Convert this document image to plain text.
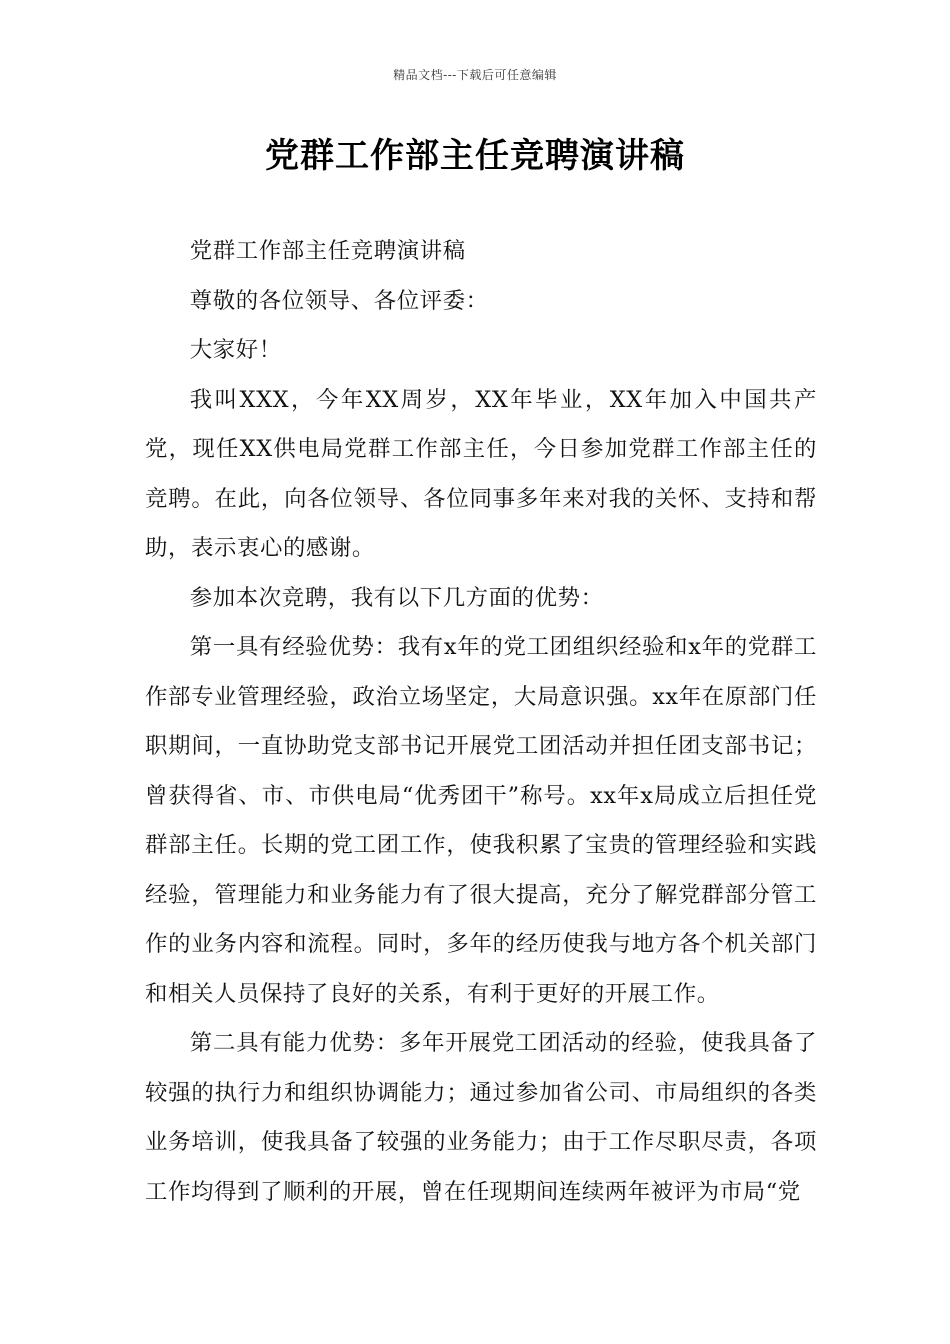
精品文档---下载后可任意编辑
党群工作部主任竞聘演讲稿

党群工作部主任竞聘演讲稿

尊敬的各位领导、各位评委：

大家好！

我叫XXX，今年XX周岁，XX年毕业，XX年加入中国共产党，现任XX供电局党群工作部主任，今日参加党群工作部主任的竞聘。在此，向各位领导、各位同事多年来对我的关怀、支持和帮助，表示衷心的感谢。

参加本次竞聘，我有以下几方面的优势：

第一具有经验优势：我有x年的党工团组织经验和x年的党群工作部专业管理经验，政治立场坚定，大局意识强。xx年在原部门任职期间，一直协助党支部书记开展党工团活动并担任团支部书记；曾获得省、市、市供电局“优秀团干”称号。xx年x局成立后担任党群部主任。长期的党工团工作，使我积累了宝贵的管理经验和实践经验，管理能力和业务能力有了很大提高，充分了解党群部分管工作的业务内容和流程。同时，多年的经历使我与地方各个机关部门和相关人员保持了良好的关系，有利于更好的开展工作。

第二具有能力优势：多年开展党工团活动的经验，使我具备了较强的执行力和组织协调能力；通过参加省公司、市局组织的各类业务培训，使我具备了较强的业务能力；由于工作尽职尽责，各项工作均得到了顺利的开展，曾在任现期间连续两年被评为市局“党
